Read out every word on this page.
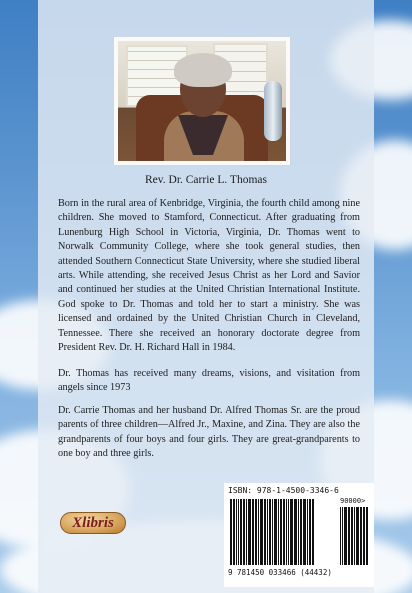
Rev. Dr. Carrie L. Thomas

Born in the rural area of Kenbridge, Virginia, the fourth child among nine children. She moved to Stamford, Connecticut. After graduating from Lunenburg High School in Victoria, Virginia, Dr. Thomas went to Norwalk Community College, where she took general studies, then attended Southern Connecticut State University, where she studied liberal arts. While attending, she received Jesus Christ as her Lord and Savior and continued her studies at the United Christian International Institute. God spoke to Dr. Thomas and told her to start a ministry. She was licensed and ordained by the United Christian Church in Cleveland, Tennessee. There she received an honorary doctorate degree from President Rev. Dr. H. Richard Hall in 1984.

Dr. Thomas has received many dreams, visions, and visitation from angels since 1973

Dr. Carrie Thomas and her husband Dr. Alfred Thomas Sr. are the proud parents of three children—Alfred Jr., Maxine, and Zina. They are also the grandparents of four boys and four girls. They are great-grandparents to one boy and three girls.

Xlibris
ISBN: 978-1-4500-3346-6
90000>
9 781450 033466 (44432)
